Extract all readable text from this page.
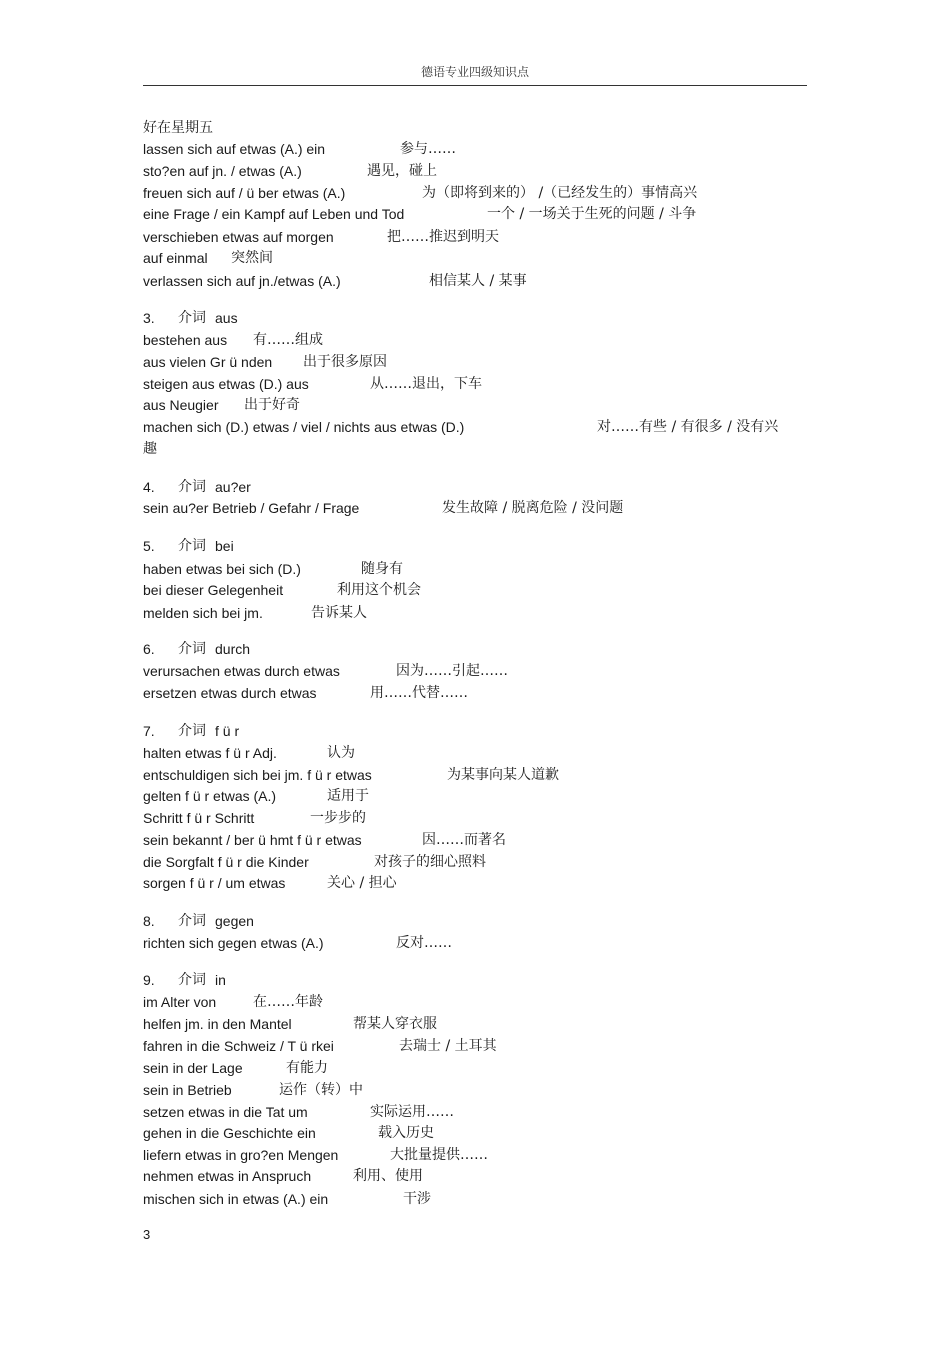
德语专业四级知识点
好在星期五
lassen sich auf etwas (A.) ein	参与……
sto?en auf jn. / etwas (A.)	遇见，碰上
freuen sich auf / ü ber etwas (A.)	为（即将到来的） /（已经发生的）事情高兴
eine Frage / ein Kampf auf Leben und Tod	一个 / 一场关于生死的问题 / 斗争
verschieben etwas auf morgen	把……推迟到明天
auf einmal 突然间
verlassen sich auf jn./etwas (A.)	相信某人 / 某事
3. 介词 aus
bestehen aus 有……组成
aus vielen Gr ü nden 出于很多原因
steigen aus etwas (D.) aus	从……退出，下车
aus Neugier 出于好奇
machen sich (D.) etwas / viel / nichts aus etwas (D.)	对……有些 / 有很多 / 没有兴
趣
4. 介词 au?er
sein au?er Betrieb / Gefahr / Frage	发生故障 / 脱离危险 / 没问题
5. 介词 bei
haben etwas bei sich (D.)	随身有
bei dieser Gelegenheit	利用这个机会
melden sich bei jm.	告诉某人
6. 介词 durch
verursachen etwas durch etwas	因为……引起……
ersetzen etwas durch etwas	用……代替……
7. 介词 f ü r
halten etwas f ü r Adj.	认为
entschuldigen sich bei jm. f ü r etwas	为某事向某人道歉
gelten f ü r etwas (A.)	适用于
Schritt f ü r Schritt	一步步的
sein bekannt / ber ü hmt f ü r etwas	因……而著名
die Sorgfalt f ü r die Kinder	对孩子的细心照料
sorgen f ü r / um etwas	关心 / 担心
8. 介词 gegen
richten sich gegen etwas (A.)	反对……
9. 介词 in
im Alter von	在……年龄
helfen jm. in den Mantel	帮某人穿衣服
fahren in die Schweiz / T ü rkei	去瑞士 / 土耳其
sein in der Lage	有能力
sein in Betrieb	运作（转）中
setzen etwas in die Tat um	实际运用……
gehen in die Geschichte ein	载入历史
liefern etwas in gro?en Mengen	大批量提供……
nehmen etwas in Anspruch	利用、使用
mischen sich in etwas (A.) ein	干涉
3
